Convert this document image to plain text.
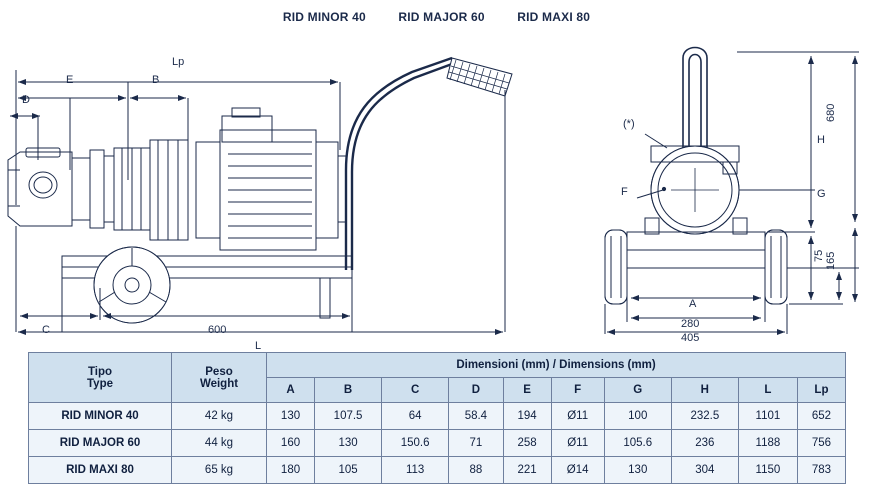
RID MINOR 40	RID MAJOR 60	RID MAXI 80
Lp
E	B
D
C	600
L
(*)
F
A
280
405
H
G
680
165
75
Tipo
Type

Peso
Weight
	Dimensioni (mm) / Dimensions (mm)
		A	B	C	D	E	F	G	H	L	Lp
RID MINOR 40	42 kg	130	107.5	64	58.4	194	Ø11	100	232.5	1101	652
RID MAJOR 60	44 kg	160	130	150.6	71	258	Ø11	105.6	236	1188	756
RID MAXI 80	65 kg	180	105	113	88	221	Ø14	130	304	1150	783
